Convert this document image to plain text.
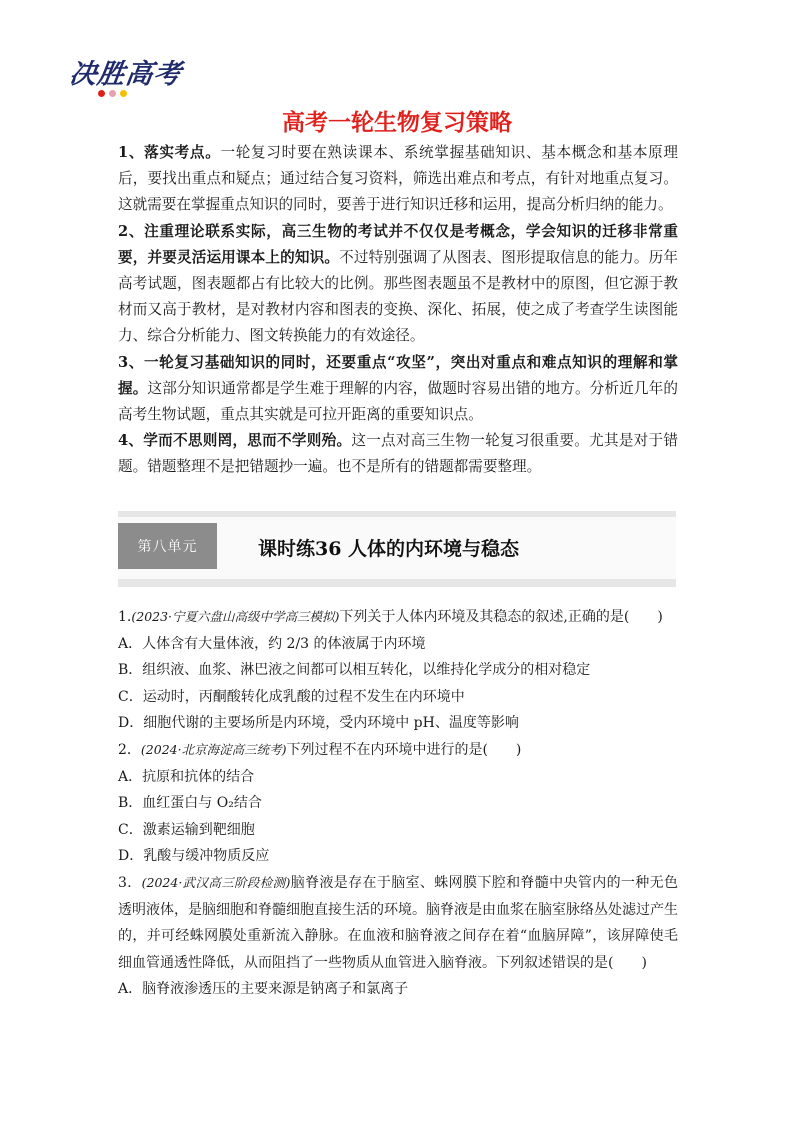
决胜高考
高考一轮生物复习策略

1、落实考点。一轮复习时要在熟读课本、系统掌握基础知识、基本概念和基本原理后，要找出重点和疑点；通过结合复习资料，筛选出难点和考点，有针对地重点复习。这就需要在掌握重点知识的同时，要善于进行知识迁移和运用，提高分析归纳的能力。

2、注重理论联系实际，高三生物的考试并不仅仅是考概念，学会知识的迁移非常重要，并要灵活运用课本上的知识。不过特别强调了从图表、图形提取信息的能力。历年高考试题，图表题都占有比较大的比例。那些图表题虽不是教材中的原图，但它源于教材而又高于教材，是对教材内容和图表的变换、深化、拓展，使之成了考查学生读图能力、综合分析能力、图文转换能力的有效途径。

3、一轮复习基础知识的同时，还要重点“攻坚”，突出对重点和难点知识的理解和掌握。这部分知识通常都是学生难于理解的内容，做题时容易出错的地方。分析近几年的高考生物试题，重点其实就是可拉开距离的重要知识点。

4、学而不思则罔，思而不学则殆。这一点对高三生物一轮复习很重要。尤其是对于错题。错题整理不是把错题抄一遍。也不是所有的错题都需要整理。

第八单元	课时练36 人体的内环境与稳态

1.(2023·宁夏六盘山高级中学高三模拟)下列关于人体内环境及其稳态的叙述,正确的是(　　)

A．人体含有大量体液，约 2/3 的体液属于内环境

B．组织液、血浆、淋巴液之间都可以相互转化，以维持化学成分的相对稳定

C．运动时，丙酮酸转化成乳酸的过程不发生在内环境中

D．细胞代谢的主要场所是内环境，受内环境中 pH、温度等影响

2．(2024·北京海淀高三统考)下列过程不在内环境中进行的是(　　)

A．抗原和抗体的结合

B．血红蛋白与 O₂结合

C．激素运输到靶细胞

D．乳酸与缓冲物质反应

3．(2024·武汉高三阶段检测)脑脊液是存在于脑室、蛛网膜下腔和脊髓中央管内的一种无色透明液体，是脑细胞和脊髓细胞直接生活的环境。脑脊液是由血浆在脑室脉络丛处滤过产生的，并可经蛛网膜处重新流入静脉。在血液和脑脊液之间存在着“血脑屏障”，该屏障使毛细血管通透性降低，从而阻挡了一些物质从血管进入脑脊液。下列叙述错误的是(　　)

A．脑脊液渗透压的主要来源是钠离子和氯离子
